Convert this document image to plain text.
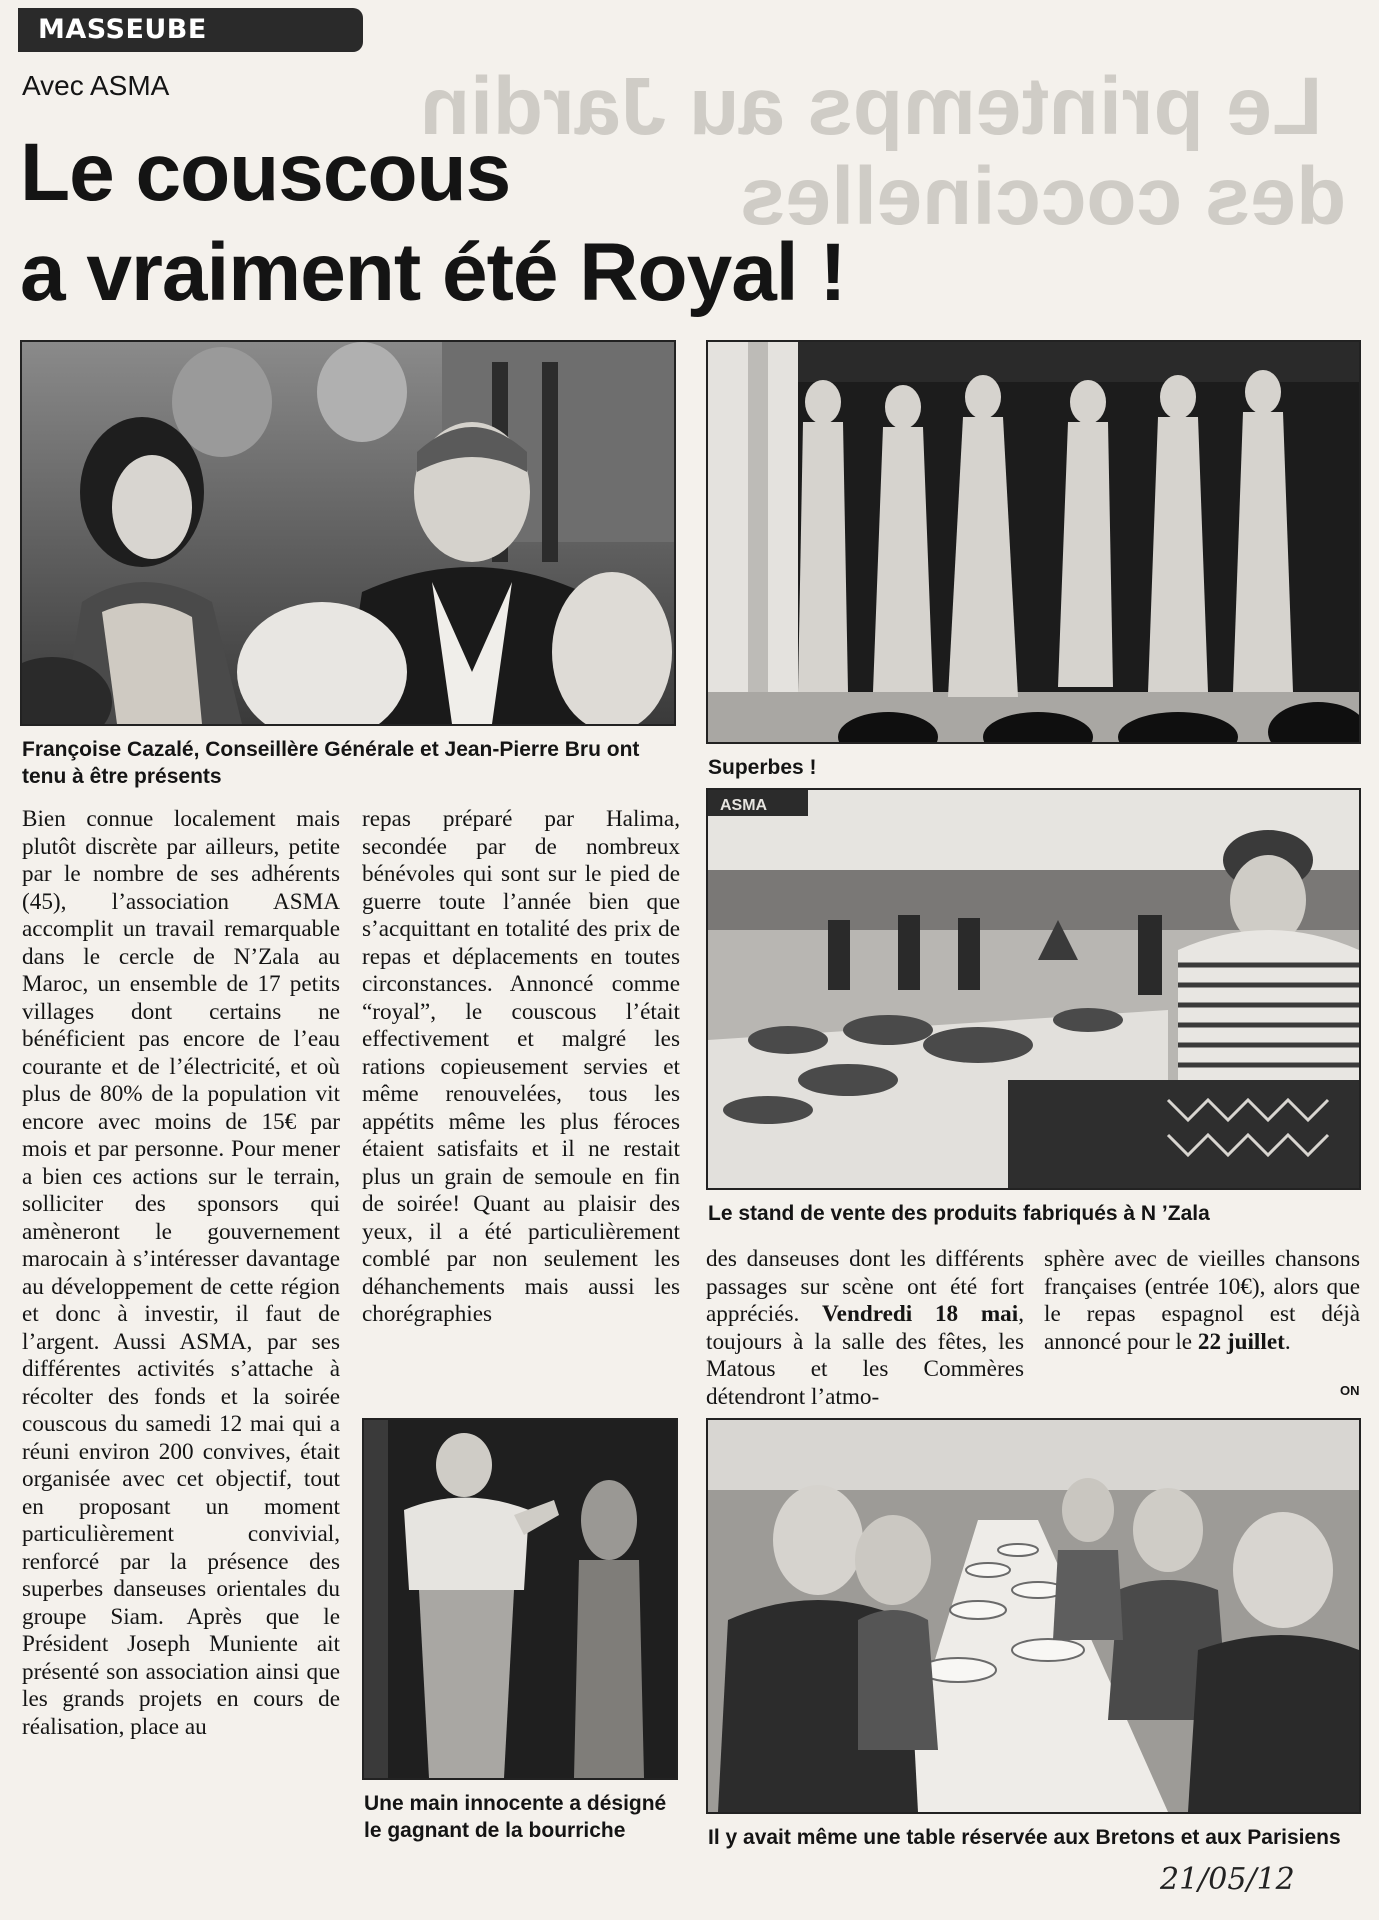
Le printemps au Jardin
des coccinelles
MASSEUBE
Avec ASMA
Le couscous
a vraiment été Royal !
Françoise Cazalé, Conseillère Générale et Jean-Pierre Bru ont tenu à être présents	Superbes !
ASMA
Le stand de vente des produits fabriqués à N ’Zala

Bien connue localement mais plutôt discrète par ailleurs, petite par le nombre de ses adhérents (45), l’association ASMA accomplit un travail remarquable dans le cercle de N’Zala au Maroc, un ensemble de 17 petits villages dont certains ne bénéficient pas encore de l’eau courante et de l’électricité, et où plus de 80% de la population vit encore avec moins de 15€ par mois et par personne. Pour mener a bien ces actions sur le terrain, solliciter des sponsors qui amèneront le gouvernement marocain à s’intéresser davantage au développement de cette région et donc à investir, il faut de l’argent. Aussi ASMA, par ses différentes activités s’attache à récolter des fonds et la soirée couscous du samedi 12 mai qui a réuni environ 200 convives, était organisée avec cet objectif, tout en proposant un moment particulièrement convivial, renforcé par la présence des superbes danseuses orientales du groupe Siam. Après que le Président Joseph Muniente ait présenté son association ainsi que les grands projets en cours de réalisation, place au

repas préparé par Halima, secondée par de nombreux bénévoles qui sont sur le pied de guerre toute l’année bien que s’acquittant en totalité des prix de repas et déplacements en toutes circonstances. Annoncé comme “royal”, le couscous l’était effectivement et malgré les rations copieusement servies et même renouvelées, tous les appétits même les plus féroces étaient satisfaits et il ne restait plus un grain de semoule en fin de soirée! Quant au plaisir des yeux, il a été particulièrement comblé par non seulement les déhanchements mais aussi les chorégraphies

des danseuses dont les différents passages sur scène ont été fort appréciés. Vendredi 18 mai, toujours à la salle des fêtes, les Matous et les Commères détendront l’atmo-

sphère avec de vieilles chansons françaises (entrée 10€), alors que le repas espagnol est déjà annoncé pour le 22 juillet.

ON
Une main innocente a désigné le gagnant de la bourriche	Il y avait même une table réservée aux Bretons et aux Parisiens
21/05/12
